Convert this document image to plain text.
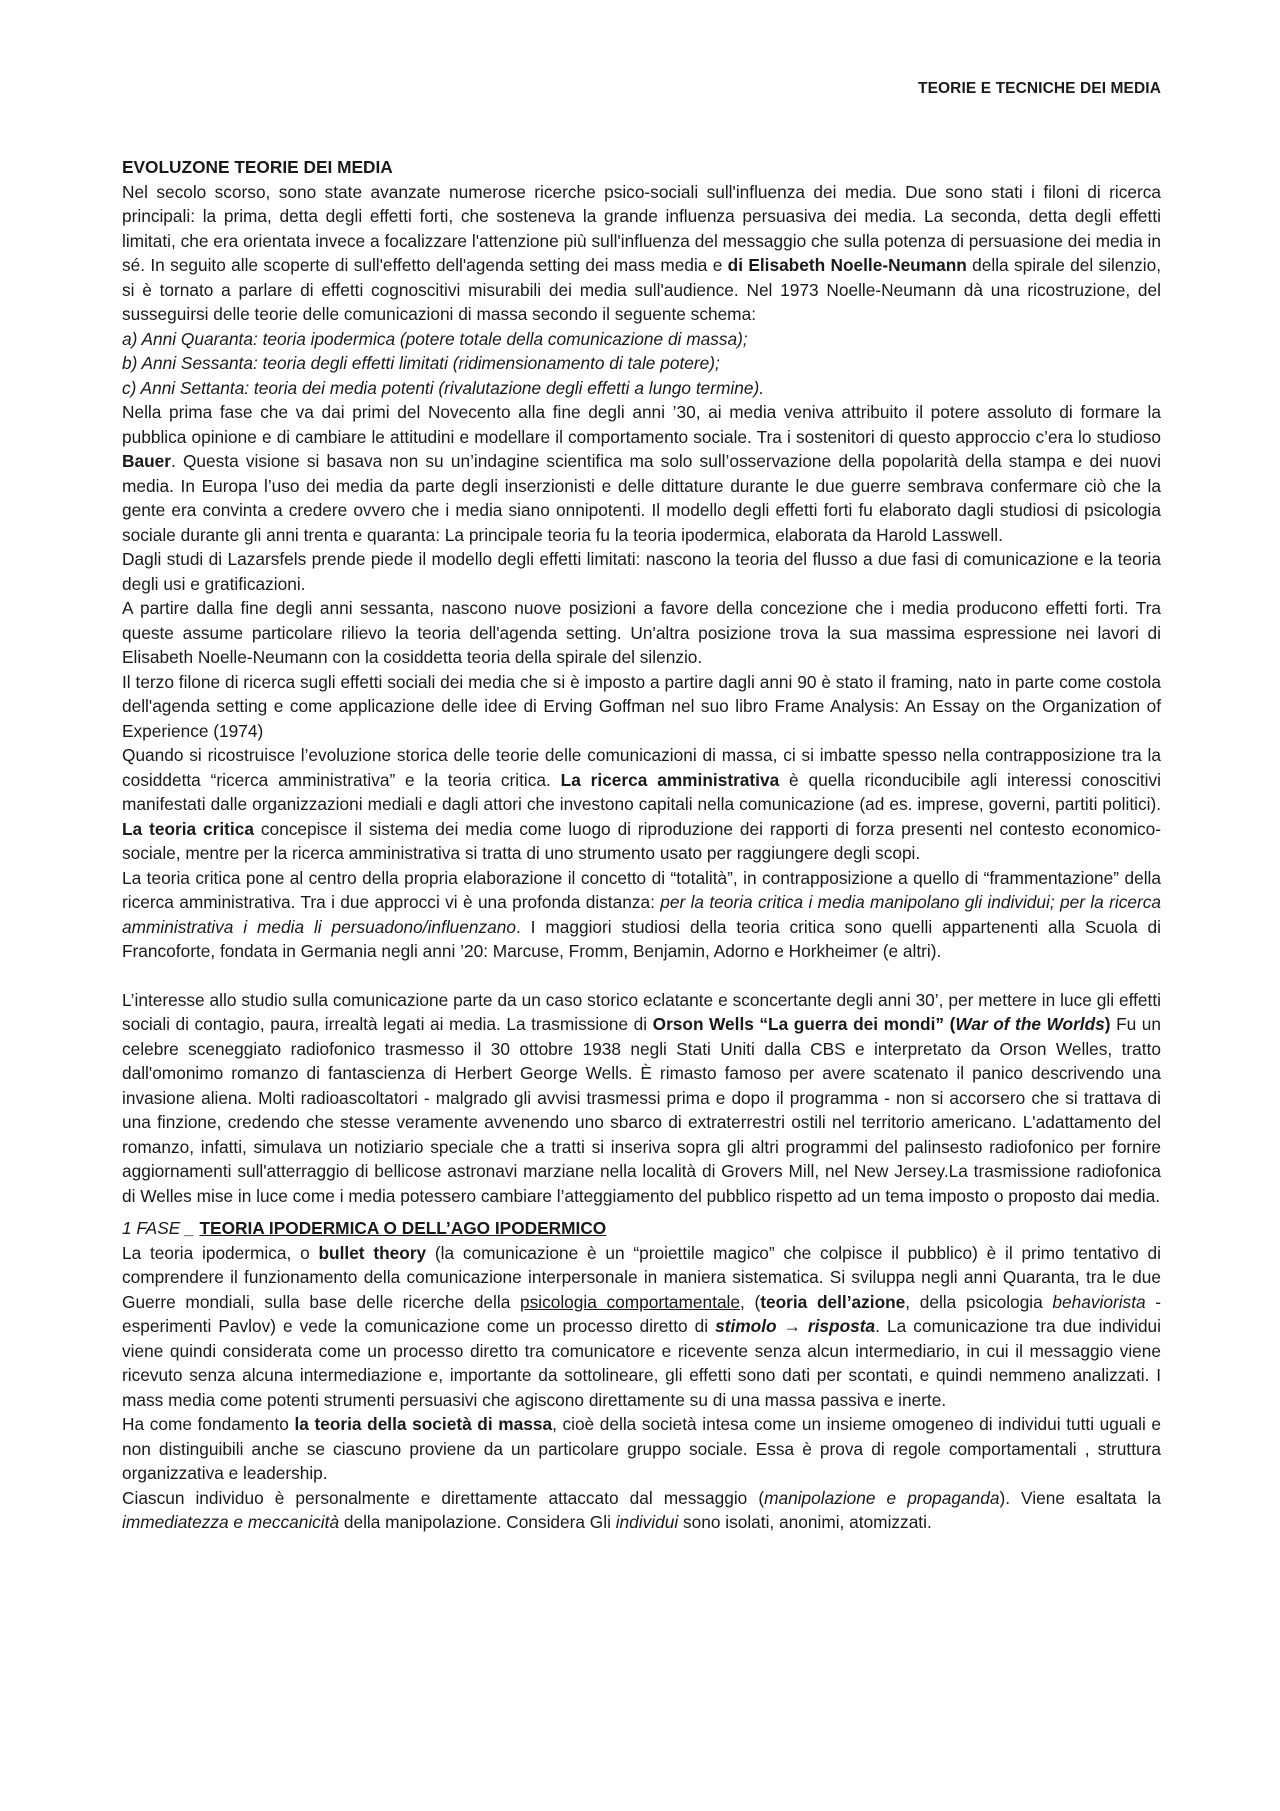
TEORIE E TECNICHE DEI MEDIA

EVOLUZONE TEORIE DEI MEDIA

Nel secolo scorso, sono state avanzate numerose ricerche psico-sociali sull'influenza dei media. Due sono stati i filoni di ricerca principali: la prima, detta degli effetti forti, che sosteneva la grande influenza persuasiva dei media. La seconda, detta degli effetti limitati, che era orientata invece a focalizzare l'attenzione più sull'influenza del messaggio che sulla potenza di persuasione dei media in sé. In seguito alle scoperte di sull'effetto dell'agenda setting dei mass media e di Elisabeth Noelle-Neumann della spirale del silenzio, si è tornato a parlare di effetti cognoscitivi misurabili dei media sull'audience. Nel 1973 Noelle-Neumann dà una ricostruzione, del susseguirsi delle teorie delle comunicazioni di massa secondo il seguente schema:

a) Anni Quaranta: teoria ipodermica (potere totale della comunicazione di massa);

b) Anni Sessanta: teoria degli effetti limitati (ridimensionamento di tale potere);

c) Anni Settanta: teoria dei media potenti (rivalutazione degli effetti a lungo termine).

Nella prima fase che va dai primi del Novecento alla fine degli anni ’30, ai media veniva attribuito il potere assoluto di formare la pubblica opinione e di cambiare le attitudini e modellare il comportamento sociale. Tra i sostenitori di questo approccio c’era lo studioso Bauer. Questa visione si basava non su un’indagine scientifica ma solo sull’osservazione della popolarità della stampa e dei nuovi media. In Europa l’uso dei media da parte degli inserzionisti e delle dittature durante le due guerre sembrava confermare ciò che la gente era convinta a credere ovvero che i media siano onnipotenti. Il modello degli effetti forti fu elaborato dagli studiosi di psicologia sociale durante gli anni trenta e quaranta: La principale teoria fu la teoria ipodermica, elaborata da Harold Lasswell.

Dagli studi di Lazarsfels prende piede il modello degli effetti limitati: nascono la teoria del flusso a due fasi di comunicazione e la teoria degli usi e gratificazioni.

A partire dalla fine degli anni sessanta, nascono nuove posizioni a favore della concezione che i media producono effetti forti. Tra queste assume particolare rilievo la teoria dell'agenda setting. Un'altra posizione trova la sua massima espressione nei lavori di Elisabeth Noelle-Neumann con la cosiddetta teoria della spirale del silenzio.

Il terzo filone di ricerca sugli effetti sociali dei media che si è imposto a partire dagli anni 90 è stato il framing, nato in parte come costola dell'agenda setting e come applicazione delle idee di Erving Goffman nel suo libro Frame Analysis: An Essay on the Organization of Experience (1974)

Quando si ricostruisce l’evoluzione storica delle teorie delle comunicazioni di massa, ci si imbatte spesso nella contrapposizione tra la cosiddetta “ricerca amministrativa” e la teoria critica. La ricerca amministrativa è quella riconducibile agli interessi conoscitivi manifestati dalle organizzazioni mediali e dagli attori che investono capitali nella comunicazione (ad es. imprese, governi, partiti politici). La teoria critica concepisce il sistema dei media come luogo di riproduzione dei rapporti di forza presenti nel contesto economico-sociale, mentre per la ricerca amministrativa si tratta di uno strumento usato per raggiungere degli scopi.

La teoria critica pone al centro della propria elaborazione il concetto di “totalità”, in contrapposizione a quello di “frammentazione” della ricerca amministrativa. Tra i due approcci vi è una profonda distanza: per la teoria critica i media manipolano gli individui; per la ricerca amministrativa i media li persuadono/influenzano. I maggiori studiosi della teoria critica sono quelli appartenenti alla Scuola di Francoforte, fondata in Germania negli anni ’20: Marcuse, Fromm, Benjamin, Adorno e Horkheimer (e altri).

L’interesse allo studio sulla comunicazione parte da un caso storico eclatante e sconcertante degli anni 30’, per mettere in luce gli effetti sociali di contagio, paura, irrealtà legati ai media. La trasmissione di Orson Wells “La guerra dei mondi” (War of the Worlds) Fu un celebre sceneggiato radiofonico trasmesso il 30 ottobre 1938 negli Stati Uniti dalla CBS e interpretato da Orson Welles, tratto dall'omonimo romanzo di fantascienza di Herbert George Wells. È rimasto famoso per avere scatenato il panico descrivendo una invasione aliena. Molti radioascoltatori - malgrado gli avvisi trasmessi prima e dopo il programma - non si accorsero che si trattava di una finzione, credendo che stesse veramente avvenendo uno sbarco di extraterrestri ostili nel territorio americano. L'adattamento del romanzo, infatti, simulava un notiziario speciale che a tratti si inseriva sopra gli altri programmi del palinsesto radiofonico per fornire aggiornamenti sull'atterraggio di bellicose astronavi marziane nella località di Grovers Mill, nel New Jersey.La trasmissione radiofonica di Welles mise in luce come i media potessero cambiare l’atteggiamento del pubblico rispetto ad un tema imposto o proposto dai media.

1 FASE _ TEORIA IPODERMICA O DELL’AGO IPODERMICO

La teoria ipodermica, o bullet theory (la comunicazione è un “proiettile magico” che colpisce il pubblico) è il primo tentativo di comprendere il funzionamento della comunicazione interpersonale in maniera sistematica. Si sviluppa negli anni Quaranta, tra le due Guerre mondiali, sulla base delle ricerche della psicologia comportamentale, (teoria dell’azione, della psicologia behaviorista - esperimenti Pavlov) e vede la comunicazione come un processo diretto di stimolo → risposta. La comunicazione tra due individui viene quindi considerata come un processo diretto tra comunicatore e ricevente senza alcun intermediario, in cui il messaggio viene ricevuto senza alcuna intermediazione e, importante da sottolineare, gli effetti sono dati per scontati, e quindi nemmeno analizzati. I mass media come potenti strumenti persuasivi che agiscono direttamente su di una massa passiva e inerte.

Ha come fondamento la teoria della società di massa, cioè della società intesa come un insieme omogeneo di individui tutti uguali e non distinguibili anche se ciascuno proviene da un particolare gruppo sociale. Essa è prova di regole comportamentali , struttura organizzativa e leadership.

Ciascun individuo è personalmente e direttamente attaccato dal messaggio (manipolazione e propaganda). Viene esaltata la immediatezza e meccanicità della manipolazione. Considera Gli individui sono isolati, anonimi, atomizzati.
